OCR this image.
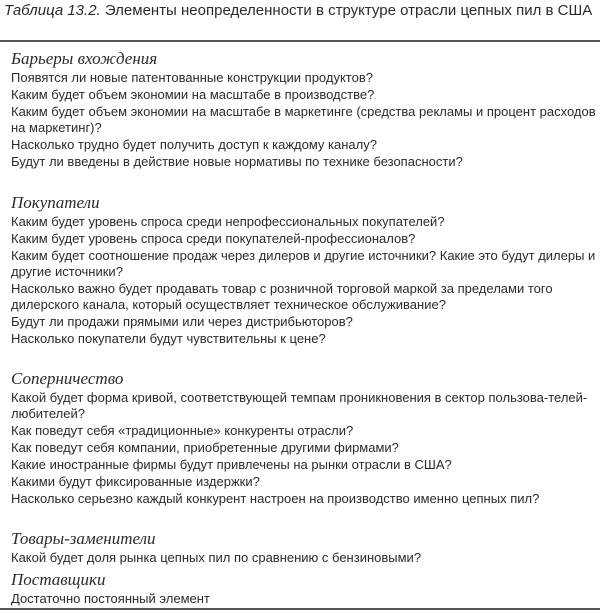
Таблица 13.2. Элементы неопределенности в структуре отрасли цепных пил в США
Барьеры вхождения
Появятся ли новые патентованные конструкции продуктов?
Каким будет объем экономии на масштабе в производстве?
Каким будет объем экономии на масштабе в маркетинге (средства рекламы и процент расходов на маркетинг)?
Насколько трудно будет получить доступ к каждому каналу?
Будут ли введены в действие новые нормативы по технике безопасности?
Покупатели
Каким будет уровень спроса среди непрофессиональных покупателей?
Каким будет уровень спроса среди покупателей-профессионалов?
Каким будет соотношение продаж через дилеров и другие источники? Какие это будут дилеры и другие источники?
Насколько важно будет продавать товар с розничной торговой маркой за пределами того дилерского канала, который осуществляет техническое обслуживание?
Будут ли продажи прямыми или через дистрибьюторов?
Насколько покупатели будут чувствительны к цене?
Соперничество
Какой будет форма кривой, соответствующей темпам проникновения в сектор пользова-телей-любителей?
Как поведут себя «традиционные» конкуренты отрасли?
Как поведут себя компании, приобретенные другими фирмами?
Какие иностранные фирмы будут привлечены на рынки отрасли в США?
Какими будут фиксированные издержки?
Насколько серьезно каждый конкурент настроен на производство именно цепных пил?
Товары-заменители
Какой будет доля рынка цепных пил по сравнению с бензиновыми?
Поставщики
Достаточно постоянный элемент
